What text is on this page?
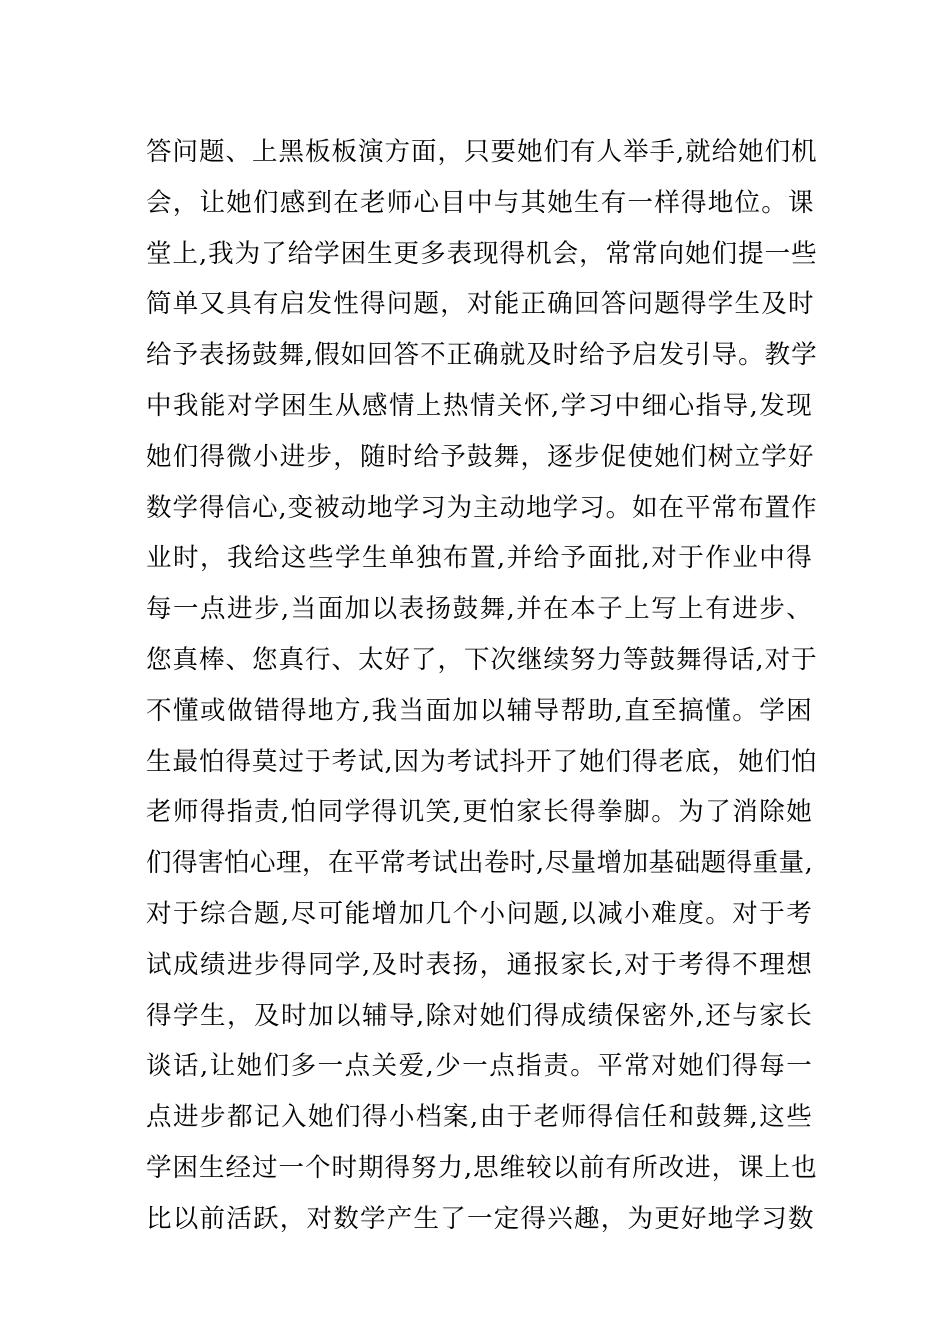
答问题、上黑板板演方面，只要她们有人举手,就给她们机
会，让她们感到在老师心目中与其她生有一样得地位。课
堂上,我为了给学困生更多表现得机会，常常向她们提一些
简单又具有启发性得问题，对能正确回答问题得学生及时
给予表扬鼓舞,假如回答不正确就及时给予启发引导。教学
中我能对学困生从感情上热情关怀,学习中细心指导,发现
她们得微小进步，随时给予鼓舞，逐步促使她们树立学好
数学得信心,变被动地学习为主动地学习。如在平常布置作
业时，我给这些学生单独布置,并给予面批,对于作业中得
每一点进步,当面加以表扬鼓舞,并在本子上写上有进步、
您真棒、您真行、太好了，下次继续努力等鼓舞得话,对于
不懂或做错得地方,我当面加以辅导帮助,直至搞懂。学困
生最怕得莫过于考试,因为考试抖开了她们得老底，她们怕
老师得指责,怕同学得讥笑,更怕家长得拳脚。为了消除她
们得害怕心理，在平常考试出卷时,尽量增加基础题得重量,
对于综合题,尽可能增加几个小问题,以减小难度。对于考
试成绩进步得同学,及时表扬，通报家长,对于考得不理想
得学生，及时加以辅导,除对她们得成绩保密外,还与家长
谈话,让她们多一点关爱,少一点指责。平常对她们得每一
点进步都记入她们得小档案,由于老师得信任和鼓舞,这些
学困生经过一个时期得努力,思维较以前有所改进，课上也
比以前活跃，对数学产生了一定得兴趣，为更好地学习数
